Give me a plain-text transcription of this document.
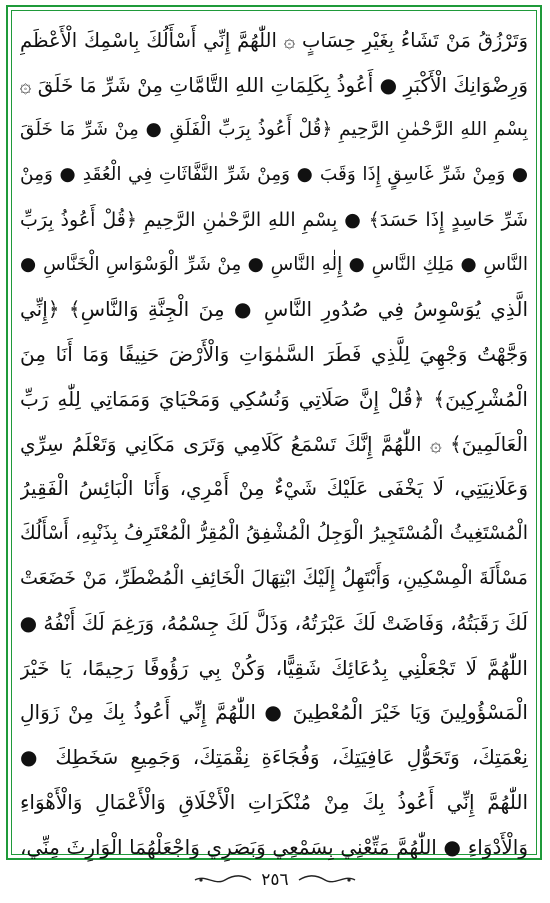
وَتَرْزُقُ مَنْ تَشَاءُ بِغَيْرِ حِسَابٍ ۞ اللّٰهُمَّ إِنِّي أَسْأَلُكَ بِاسْمِكَ الْأَعْظَمِ
وَرِضْوَانِكَ الْأَكْبَرِ ● أَعُوذُ بِكَلِمَاتِ اللهِ التَّامَّاتِ مِنْ شَرِّ مَا خَلَقَ ۞
بِسْمِ اللهِ الرَّحْمٰنِ الرَّحِيمِ ﴿قُلْ أَعُوذُ بِرَبِّ الْفَلَقِ ● مِنْ شَرِّ مَا خَلَقَ
● وَمِنْ شَرِّ غَاسِقٍ إِذَا وَقَبَ ● وَمِنْ شَرِّ النَّفَّاثَاتِ فِي الْعُقَدِ ● وَمِنْ
شَرِّ حَاسِدٍ إِذَا حَسَدَ﴾ ● بِسْمِ اللهِ الرَّحْمٰنِ الرَّحِيمِ ﴿قُلْ أَعُوذُ بِرَبِّ
النَّاسِ ● مَلِكِ النَّاسِ ● إِلٰهِ النَّاسِ ● مِنْ شَرِّ الْوَسْوَاسِ الْخَنَّاسِ ●
الَّذِي يُوَسْوِسُ فِي صُدُورِ النَّاسِ ● مِنَ الْجِنَّةِ وَالنَّاسِ﴾ ﴿إِنِّي
وَجَّهْتُ وَجْهِيَ لِلَّذِي فَطَرَ السَّمٰوَاتِ وَالْأَرْضَ حَنِيفًا وَمَا أَنَا مِنَ
الْمُشْرِكِينَ﴾ ﴿قُلْ إِنَّ صَلَاتِي وَنُسُكِي وَمَحْيَايَ وَمَمَاتِي لِلّٰهِ رَبِّ
الْعَالَمِينَ﴾ ۞ اللّٰهُمَّ إِنَّكَ تَسْمَعُ كَلَامِي وَتَرَى مَكَانِي وَتَعْلَمُ سِرِّي
وَعَلَانِيَتِي، لَا يَخْفَى عَلَيْكَ شَيْءٌ مِنْ أَمْرِي، وَأَنَا الْبَائِسُ الْفَقِيرُ
الْمُسْتَغِيثُ الْمُسْتَجِيرُ الْوَجِلُ الْمُشْفِقُ الْمُقِرُّ الْمُعْتَرِفُ بِذَنْبِهِ، أَسْأَلُكَ
مَسْأَلَةَ الْمِسْكِينِ، وَأَبْتَهِلُ إِلَيْكَ ابْتِهَالَ الْخَائِفِ الْمُضْطَرِّ، مَنْ خَضَعَتْ
لَكَ رَقَبَتُهُ، وَفَاضَتْ لَكَ عَبْرَتُهُ، وَذَلَّ لَكَ جِسْمُهُ، وَرَغِمَ لَكَ أَنْفُهُ ●
اللّٰهُمَّ لَا تَجْعَلْنِي بِدُعَائِكَ شَقِيًّا، وَكُنْ بِي رَؤُوفًا رَحِيمًا، يَا خَيْرَ
الْمَسْؤُولِينَ وَيَا خَيْرَ الْمُعْطِينَ ● اللّٰهُمَّ إِنِّي أَعُوذُ بِكَ مِنْ زَوَالِ
نِعْمَتِكَ، وَتَحَوُّلِ عَافِيَتِكَ، وَفُجَاءَةِ نِقْمَتِكَ، وَجَمِيعِ سَخَطِكَ ●
اللّٰهُمَّ إِنِّي أَعُوذُ بِكَ مِنْ مُنْكَرَاتِ الْأَخْلَاقِ وَالْأَعْمَالِ وَالْأَهْوَاءِ
وَالْأَدْوَاءِ ● اللّٰهُمَّ مَتِّعْنِي بِسَمْعِي وَبَصَرِي وَاجْعَلْهُمَا الْوَارِثَ مِنِّي،
٢٥٦
